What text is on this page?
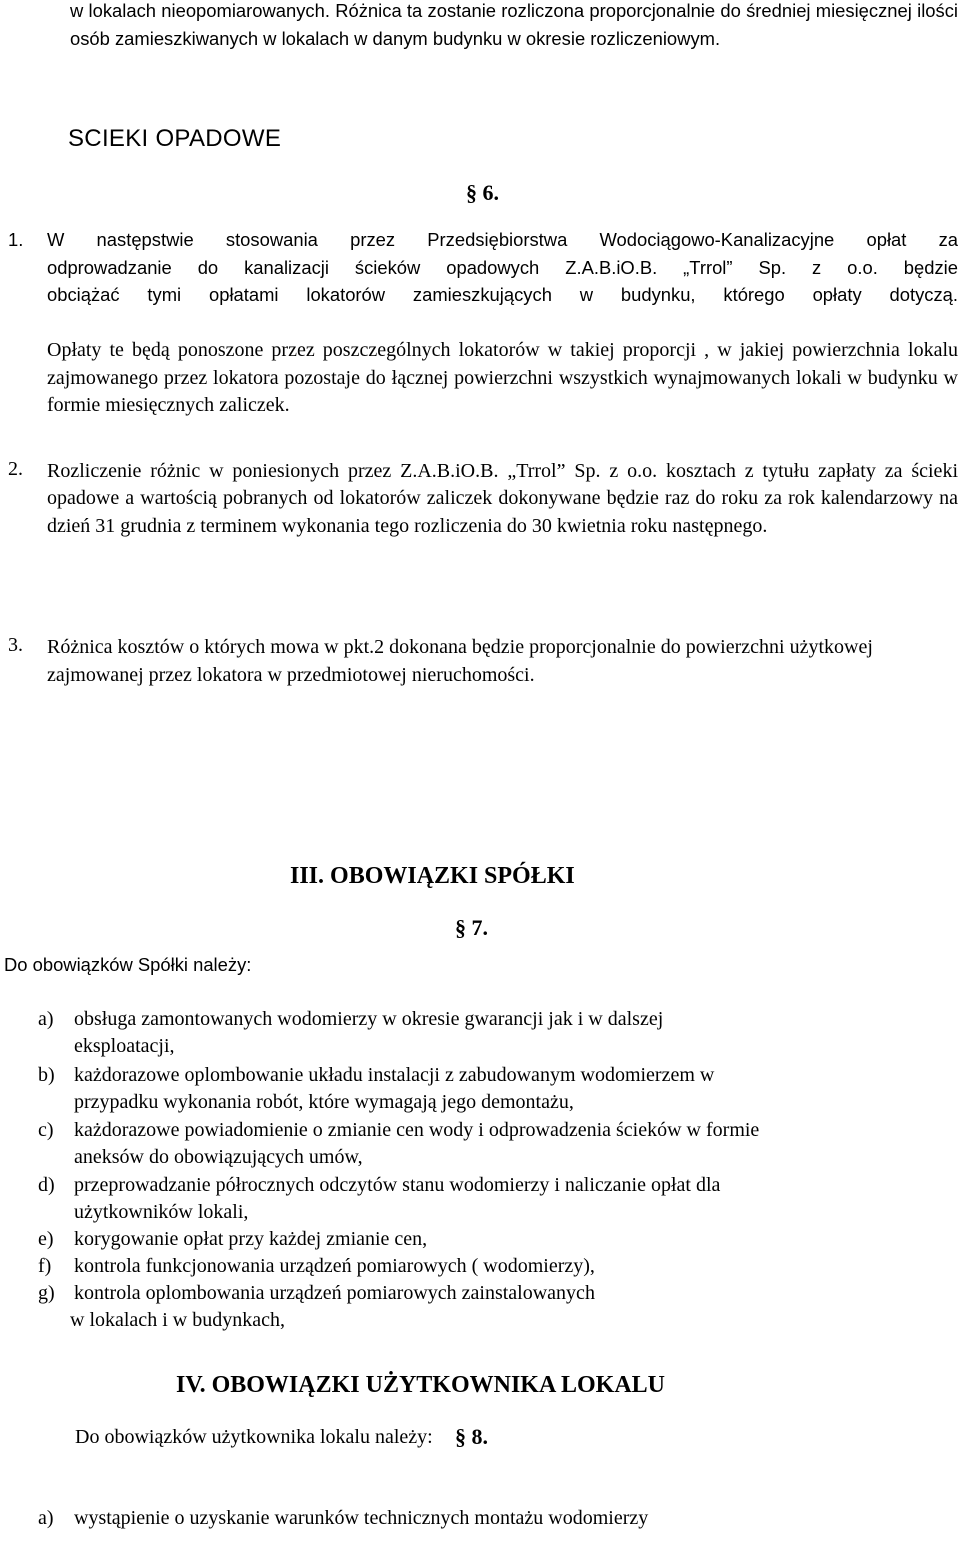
w lokalach nieopomiarowanych. Różnica ta zostanie rozliczona proporcjonalnie do średniej miesięcznej ilości osób zamieszkiwanych w lokalach w danym budynku w okresie rozliczeniowym.

SCIEKI OPADOWE
§ 6.
1. W następstwie stosowania przez Przedsiębiorstwa Wodociągowo-Kanalizacyjne opłat za
odprowadzanie do kanalizacji ścieków opadowych Z.A.B.iO.B. „Trrol” Sp. z o.o. będzie
obciążać tymi opłatami lokatorów zamieszkujących w budynku, którego opłaty dotyczą.

Opłaty te będą ponoszone przez poszczególnych lokatorów w takiej proporcji , w jakiej powierzchnia lokalu zajmowanego przez lokatora pozostaje do łącznej powierzchni wszystkich wynajmowanych lokali w budynku w formie miesięcznych zaliczek.

2. Rozliczenie różnic w poniesionych przez Z.A.B.iO.B. „Trrol” Sp. z o.o. kosztach z tytułu zapłaty za ścieki opadowe a wartością pobranych od lokatorów zaliczek dokonywane będzie raz do roku za rok kalendarzowy na dzień 31 grudnia z terminem wykonania tego rozliczenia do 30 kwietnia roku następnego.

3. Różnica kosztów o których mowa w pkt.2 dokonana będzie proporcjonalnie do powierzchni użytkowej zajmowanej przez lokatora w przedmiotowej nieruchomości.

III. OBOWIĄZKI SPÓŁKI
§ 7.
Do obowiązków Spółki należy:
a) obsługa zamontowanych wodomierzy w okresie gwarancji jak i w dalszej
eksploatacji,
b) każdorazowe oplombowanie układu instalacji z zabudowanym wodomierzem w
przypadku wykonania robót, które wymagają jego demontażu,
c) każdorazowe powiadomienie o zmianie cen wody i odprowadzenia ścieków w formie
aneksów do obowiązujących umów,
d) przeprowadzanie półrocznych odczytów stanu wodomierzy i naliczanie opłat dla
użytkowników lokali,
e) korygowanie opłat przy każdej zmianie cen,
f) kontrola funkcjonowania urządzeń pomiarowych ( wodomierzy),
g) kontrola oplombowania urządzeń pomiarowych zainstalowanych
w lokalach i w budynkach,
IV. OBOWIĄZKI UŻYTKOWNIKA LOKALU
§ 8.
Do obowiązków użytkownika lokalu należy:
a) wystąpienie o uzyskanie warunków technicznych montażu wodomierzy
